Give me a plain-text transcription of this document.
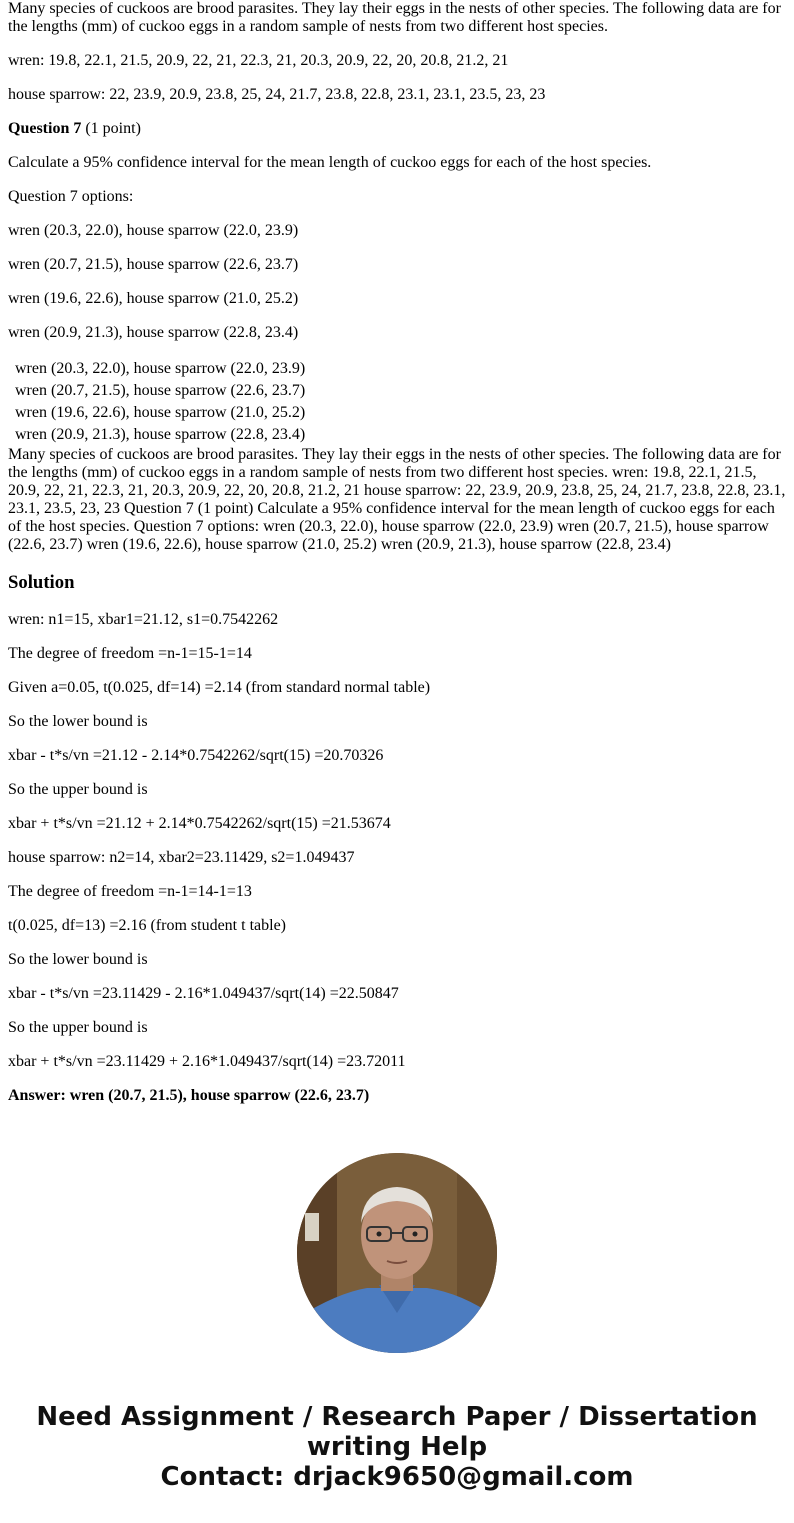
Many species of cuckoos are brood parasites. They lay their eggs in the nests of other species. The following data are for the lengths (mm) of cuckoo eggs in a random sample of nests from two different host species.

wren: 19.8, 22.1, 21.5, 20.9, 22, 21, 22.3, 21, 20.3, 20.9, 22, 20, 20.8, 21.2, 21

house sparrow: 22, 23.9, 20.9, 23.8, 25, 24, 21.7, 23.8, 22.8, 23.1, 23.1, 23.5, 23, 23

Question 7 (1 point)

Calculate a 95% confidence interval for the mean length of cuckoo eggs for each of the host species.

Question 7 options:

wren (20.3, 22.0), house sparrow (22.0, 23.9)

wren (20.7, 21.5), house sparrow (22.6, 23.7)

wren (19.6, 22.6), house sparrow (21.0, 25.2)

wren (20.9, 21.3), house sparrow (22.8, 23.4)

wren (20.3, 22.0), house sparrow (22.0, 23.9)
wren (20.7, 21.5), house sparrow (22.6, 23.7)
wren (19.6, 22.6), house sparrow (21.0, 25.2)
wren (20.9, 21.3), house sparrow (22.8, 23.4)

Many species of cuckoos are brood parasites. They lay their eggs in the nests of other species. The following data are for the lengths (mm) of cuckoo eggs in a random sample of nests from two different host species. wren: 19.8, 22.1, 21.5, 20.9, 22, 21, 22.3, 21, 20.3, 20.9, 22, 20, 20.8, 21.2, 21 house sparrow: 22, 23.9, 20.9, 23.8, 25, 24, 21.7, 23.8, 22.8, 23.1, 23.1, 23.5, 23, 23 Question 7 (1 point) Calculate a 95% confidence interval for the mean length of cuckoo eggs for each of the host species. Question 7 options: wren (20.3, 22.0), house sparrow (22.0, 23.9) wren (20.7, 21.5), house sparrow (22.6, 23.7) wren (19.6, 22.6), house sparrow (21.0, 25.2) wren (20.9, 21.3), house sparrow (22.8, 23.4)

Solution

wren: n1=15, xbar1=21.12, s1=0.7542262

The degree of freedom =n-1=15-1=14

Given a=0.05, t(0.025, df=14) =2.14 (from standard normal table)

So the lower bound is

xbar - t*s/vn =21.12 - 2.14*0.7542262/sqrt(15) =20.70326

So the upper bound is

xbar + t*s/vn =21.12 + 2.14*0.7542262/sqrt(15) =21.53674

house sparrow: n2=14, xbar2=23.11429, s2=1.049437

The degree of freedom =n-1=14-1=13

t(0.025, df=13) =2.16 (from student t table)

So the lower bound is

xbar - t*s/vn =23.11429 - 2.16*1.049437/sqrt(14) =22.50847

So the upper bound is

xbar + t*s/vn =23.11429 + 2.16*1.049437/sqrt(14) =23.72011

Answer: wren (20.7, 21.5), house sparrow (22.6, 23.7)

Need Assignment / Research Paper / Dissertation
writing Help
Contact: drjack9650@gmail.com
